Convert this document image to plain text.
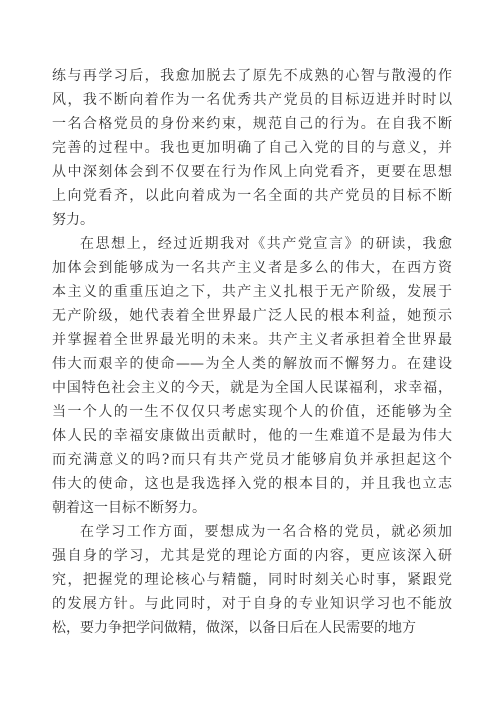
练与再学习后，我愈加脱去了原先不成熟的心智与散漫的作
风，我不断向着作为一名优秀共产党员的目标迈进并时时以
一名合格党员的身份来约束，规范自己的行为。在自我不断
完善的过程中。我也更加明确了自己入党的目的与意义，并
从中深刻体会到不仅要在行为作风上向党看齐，更要在思想
上向党看齐，以此向着成为一名全面的共产党员的目标不断
努力。
在思想上，经过近期我对《共产党宣言》的研读，我愈
加体会到能够成为一名共产主义者是多么的伟大，在西方资
本主义的重重压迫之下，共产主义扎根于无产阶级，发展于
无产阶级，她代表着全世界最广泛人民的根本利益，她预示
并掌握着全世界最光明的未来。共产主义者承担着全世界最
伟大而艰辛的使命——为全人类的解放而不懈努力。在建设
中国特色社会主义的今天，就是为全国人民谋福利，求幸福，
当一个人的一生不仅仅只考虑实现个人的价值，还能够为全
体人民的幸福安康做出贡献时，他的一生难道不是最为伟大
而充满意义的吗?而只有共产党员才能够肩负并承担起这个
伟大的使命，这也是我选择入党的根本目的，并且我也立志
朝着这一目标不断努力。
在学习工作方面，要想成为一名合格的党员，就必须加
强自身的学习，尤其是党的理论方面的内容，更应该深入研
究，把握党的理论核心与精髓，同时时刻关心时事，紧跟党
的发展方针。与此同时，对于自身的专业知识学习也不能放
松，要力争把学问做精，做深，以备日后在人民需要的地方
